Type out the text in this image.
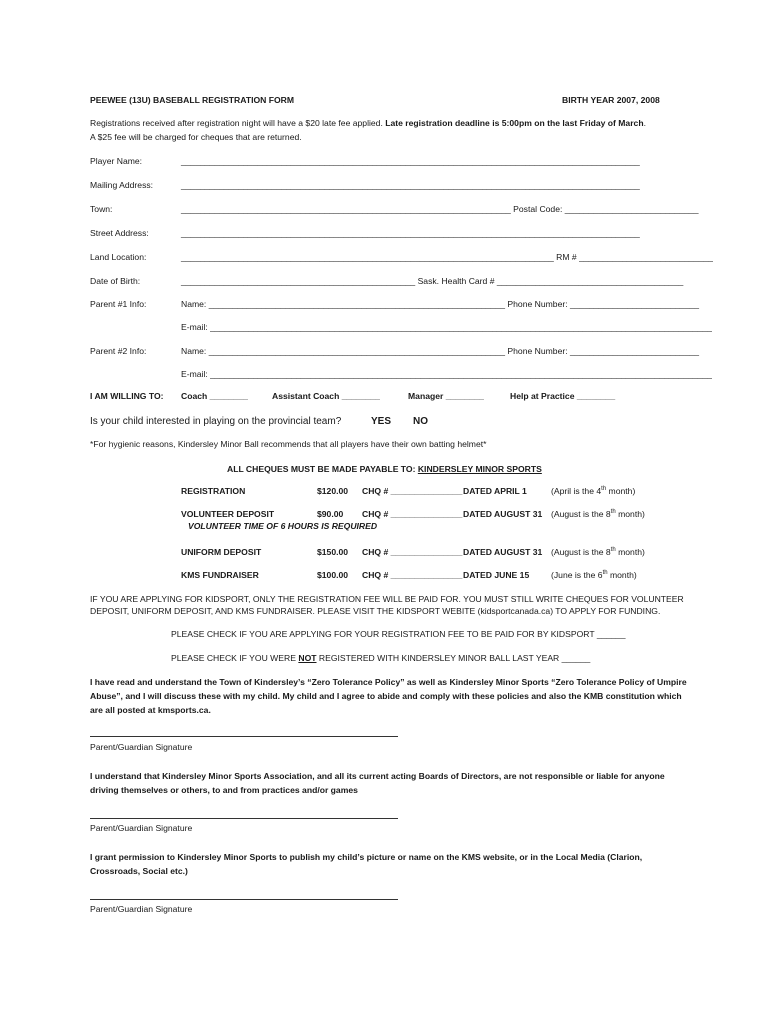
PEEWEE (13U) BASEBALL REGISTRATION FORM	BIRTH YEAR 2007, 2008
Registrations received after registration night will have a $20 late fee applied. Late registration deadline is 5:00pm on the last Friday of March.
A $25 fee will be charged for cheques that are returned.
Player Name:	________________________________________________________________________________________________
Mailing Address:	________________________________________________________________________________________________
Town:	_____________________________________________________________________ Postal Code: ____________________________
Street Address:	________________________________________________________________________________________________
Land Location:	______________________________________________________________________________ RM # ____________________________
Date of Birth:	_________________________________________________ Sask. Health Card # _______________________________________
Parent #1 Info:	Name: ______________________________________________________________ Phone Number: ___________________________
E-mail: _________________________________________________________________________________________________________
Parent #2 Info:	Name: ______________________________________________________________ Phone Number: ___________________________
E-mail: _________________________________________________________________________________________________________
I AM WILLING TO: Coach ________	Assistant Coach ________	Manager ________	Help at Practice ________
Is your child interested in playing on the provincial team?	YES NO
*For hygienic reasons, Kindersley Minor Ball recommends that all players have their own batting helmet*
ALL CHEQUES MUST BE MADE PAYABLE TO: KINDERSLEY MINOR SPORTS
REGISTRATION	$120.00 CHQ # _______________ DATED APRIL 1	(April is the 4th month)
VOLUNTEER DEPOSIT	$90.00 CHQ # _______________ DATED AUGUST 31 (August is the 8th month)
VOLUNTEER TIME OF 6 HOURS IS REQUIRED
UNIFORM DEPOSIT	$150.00 CHQ # _______________ DATED AUGUST 31 (August is the 8th month)
KMS FUNDRAISER	$100.00 CHQ # _______________ DATED JUNE 15	(June is the 6th month)
IF YOU ARE APPLYING FOR KIDSPORT, ONLY THE REGISTRATION FEE WILL BE PAID FOR. YOU MUST STILL WRITE CHEQUES FOR VOLUNTEER
DEPOSIT, UNIFORM DEPOSIT, AND KMS FUNDRAISER. PLEASE VISIT THE KIDSPORT WEBITE (kidsportcanada.ca) TO APPLY FOR FUNDING.
PLEASE CHECK IF YOU ARE APPLYING FOR YOUR REGISTRATION FEE TO BE PAID FOR BY KIDSPORT ______
PLEASE CHECK IF YOU WERE NOT REGISTERED WITH KINDERSLEY MINOR BALL LAST YEAR ______
I have read and understand the Town of Kindersley’s “Zero Tolerance Policy” as well as Kindersley Minor Sports “Zero Tolerance Policy of Umpire Abuse”, and I will discuss these with my child. My child and I agree to abide and comply with these policies and also the KMB constitution which are all posted at kmsports.ca.
Parent/Guardian Signature
I understand that Kindersley Minor Sports Association, and all its current acting Boards of Directors, are not responsible or liable for anyone driving themselves or others, to and from practices and/or games
Parent/Guardian Signature
I grant permission to Kindersley Minor Sports to publish my child’s picture or name on the KMS website, or in the Local Media (Clarion, Crossroads, Social etc.)
Parent/Guardian Signature
